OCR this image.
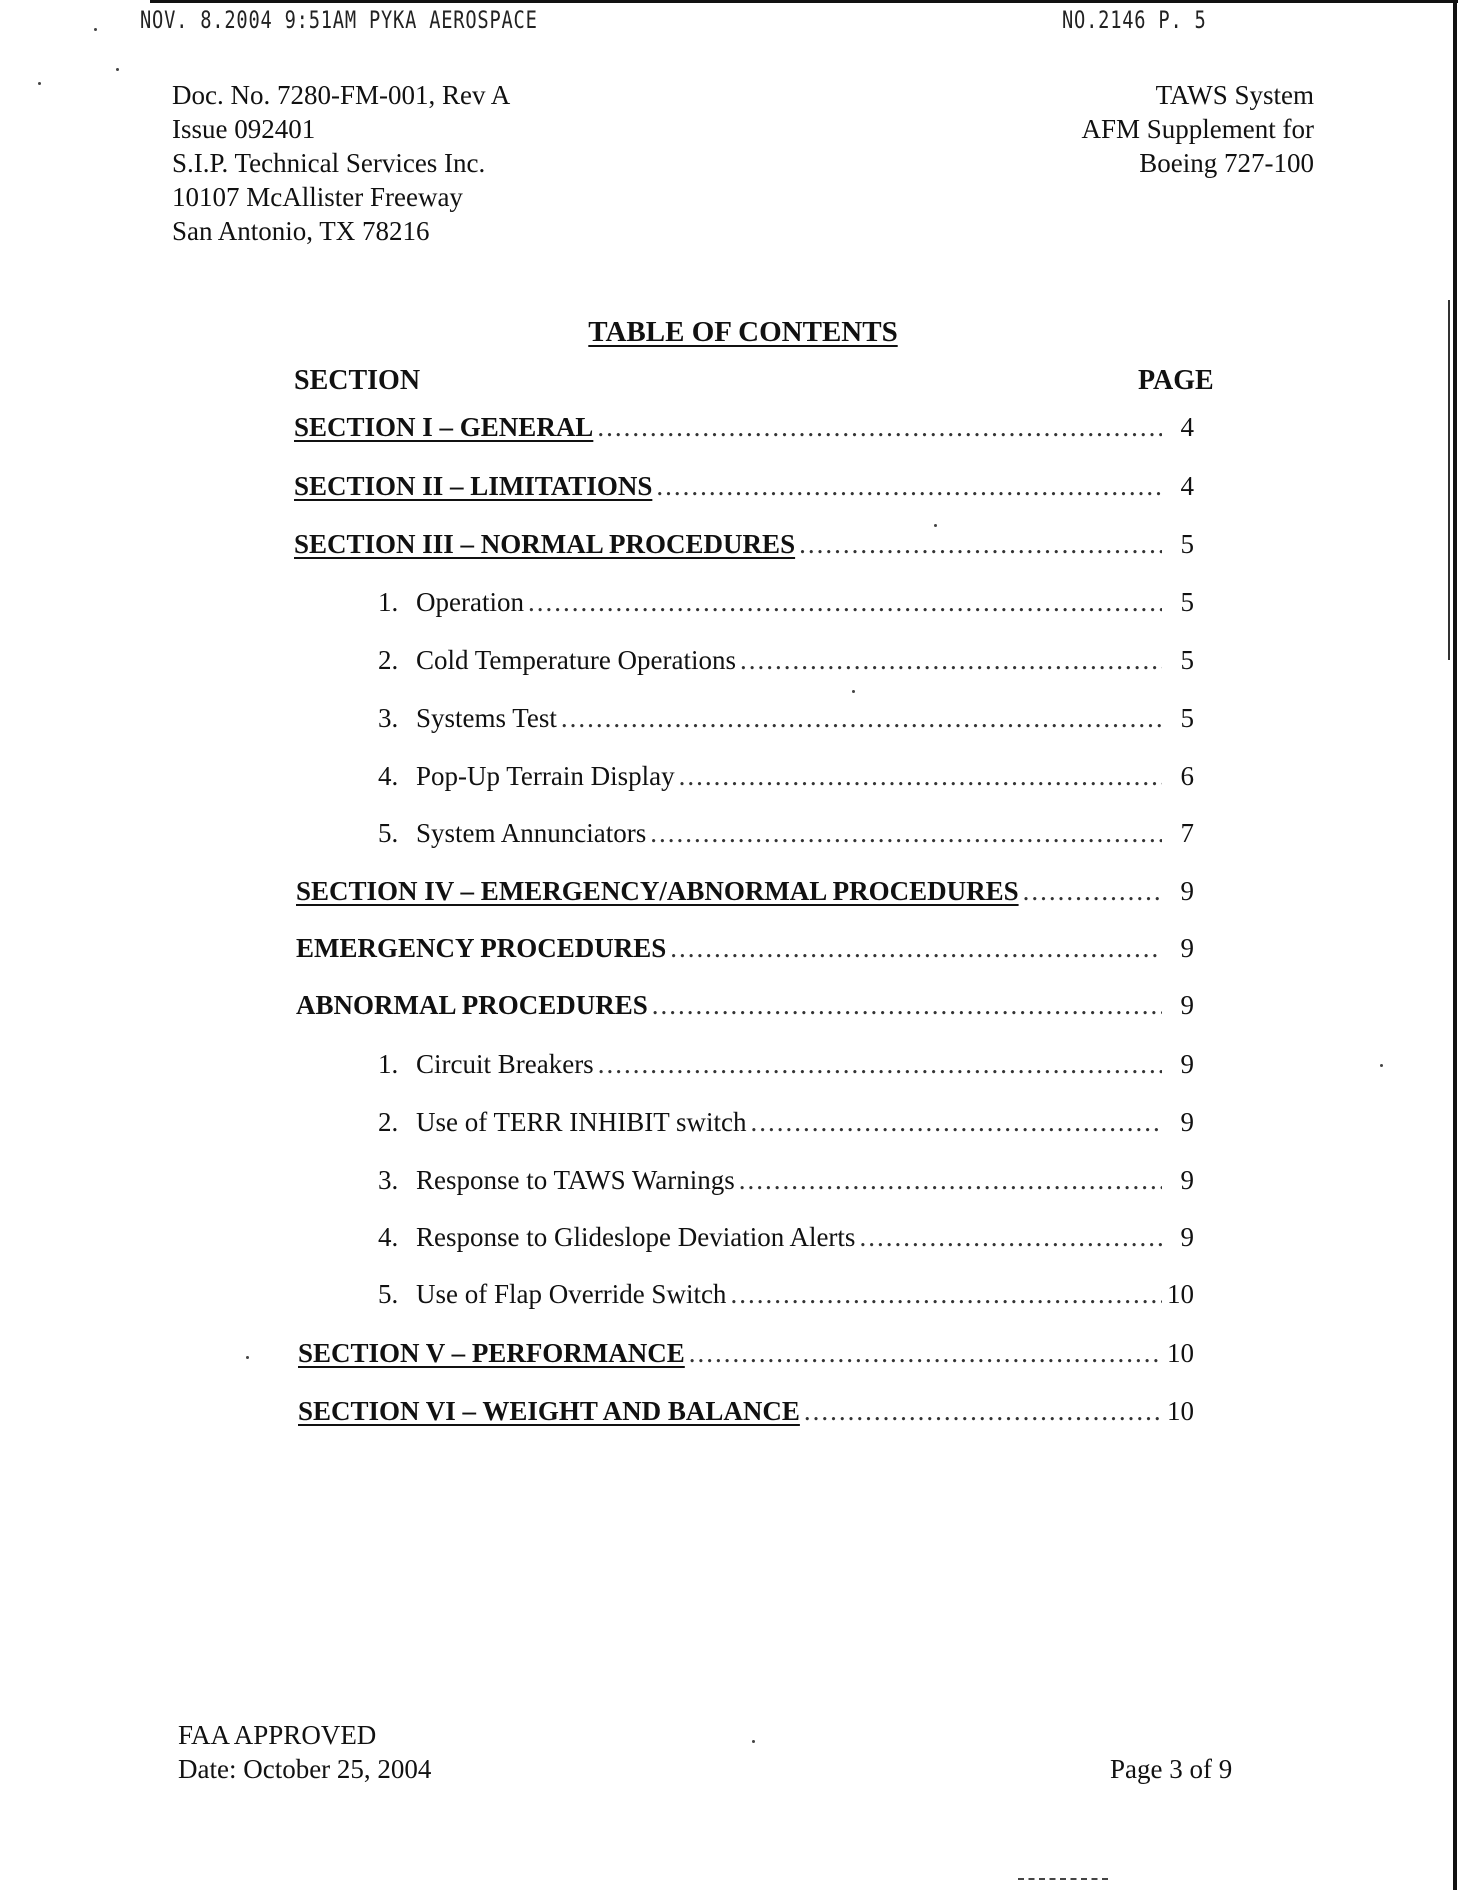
NOV. 8.2004 9:51AM PYKA AEROSPACE	NO.2146 P. 5
Doc. No. 7280-FM-001, Rev A
Issue 092401
S.I.P. Technical Services Inc.
10107 McAllister Freeway
San Antonio, TX 78216
TAWS System
AFM Supplement for
Boeing 727-100
TABLE OF CONTENTS
SECTION	PAGE
SECTION I – GENERAL .....	4
SECTION II – LIMITATIONS .....	4
SECTION III – NORMAL PROCEDURES .....	5
1. Operation .....	5
2. Cold Temperature Operations .....	5
3. Systems Test .....	5
4. Pop-Up Terrain Display .....	6
5. System Annunciators .....	7
SECTION IV – EMERGENCY/ABNORMAL PROCEDURES .....	9
EMERGENCY PROCEDURES .....	9
ABNORMAL PROCEDURES .....	9
1. Circuit Breakers .....	9
2. Use of TERR INHIBIT switch .....	9
3. Response to TAWS Warnings .....	9
4. Response to Glideslope Deviation Alerts .....	9
5. Use of Flap Override Switch .....	10
SECTION V – PERFORMANCE .....	10
SECTION VI – WEIGHT AND BALANCE .....	10
FAA APPROVED
Date: October 25, 2004	Page 3 of 9
